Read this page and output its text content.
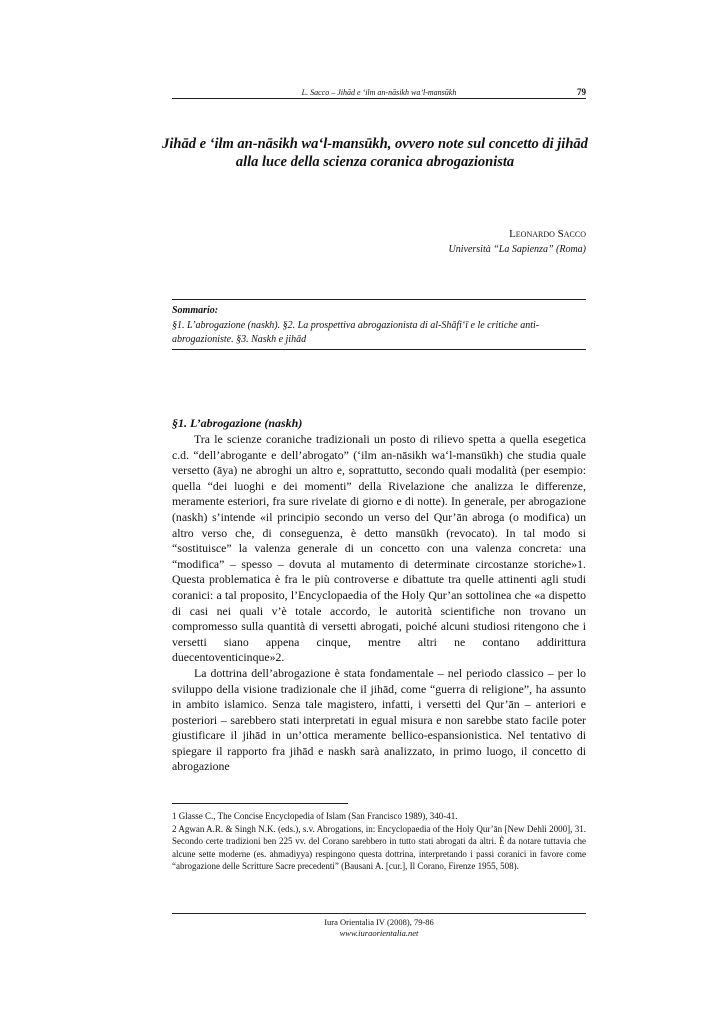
L. Sacco – Jihād e ‘ilm an-nāsikh wa’l-mansūkh	79
Jihād e ‘ilm an-nāsikh wa‘l-mansūkh, ovvero note sul concetto di jihād alla luce della scienza coranica abrogazionista
Leonardo Sacco
Università “La Sapienza” (Roma)
Sommario:
§1. L’abrogazione (naskh). §2. La prospettiva abrogazionista di al-Shāfi‘ī e le critiche anti-abrogazioniste. §3. Naskh e jihād
§1. L’abrogazione (naskh)

Tra le scienze coraniche tradizionali un posto di rilievo spetta a quella esegetica c.d. “dell’abrogante e dell’abrogato” (‘ilm an-nāsikh wa‘l-mansūkh) che studia quale versetto (āya) ne abroghi un altro e, soprattutto, secondo quali modalità (per esempio: quella “dei luoghi e dei momenti” della Rivelazione che analizza le differenze, meramente esteriori, fra sure rivelate di giorno e di notte). In generale, per abrogazione (naskh) s’intende «il principio secondo un verso del Qur’ān abroga (o modifica) un altro verso che, di conseguenza, è detto mansūkh (revocato). In tal modo si “sostituisce” la valenza generale di un concetto con una valenza concreta: una “modifica” – spesso – dovuta al mutamento di determinate circostanze storiche»1. Questa problematica è fra le più controverse e dibattute tra quelle attinenti agli studi coranici: a tal proposito, l’Encyclopaedia of the Holy Qur’an sottolinea che «a dispetto di casi nei quali v’è totale accordo, le autorità scientifiche non trovano un compromesso sulla quantità di versetti abrogati, poiché alcuni studiosi ritengono che i versetti siano appena cinque, mentre altri ne contano addirittura duecentoventicinque»2.

La dottrina dell’abrogazione è stata fondamentale – nel periodo classico – per lo sviluppo della visione tradizionale che il jihād, come “guerra di religione”, ha assunto in ambito islamico. Senza tale magistero, infatti, i versetti del Qur’ān – anteriori e posteriori – sarebbero stati interpretati in egual misura e non sarebbe stato facile poter giustificare il jihād in un’ottica meramente bellico-espansionistica. Nel tentativo di spiegare il rapporto fra jihād e naskh sarà analizzato, in primo luogo, il concetto di abrogazione

1 Glasse C., The Concise Encyclopedia of Islam (San Francisco 1989), 340-41.

2 Agwan A.R. & Singh N.K. (eds.), s.v. Abrogations, in: Encyclopaedia of the Holy Qur’ān [New Dehli 2000], 31. Secondo certe tradizioni ben 225 vv. del Corano sarebbero in tutto stati abrogati da altri. È da notare tuttavia che alcune sette moderne (es. ahmadiyya) respingono questa dottrina, interpretando i passi coranici in favore come “abrogazione delle Scritture Sacre precedenti” (Bausani A. [cur.], Il Corano, Firenze 1955, 508).

Iura Orientalia IV (2008), 79-86
www.iuraorientalia.net
